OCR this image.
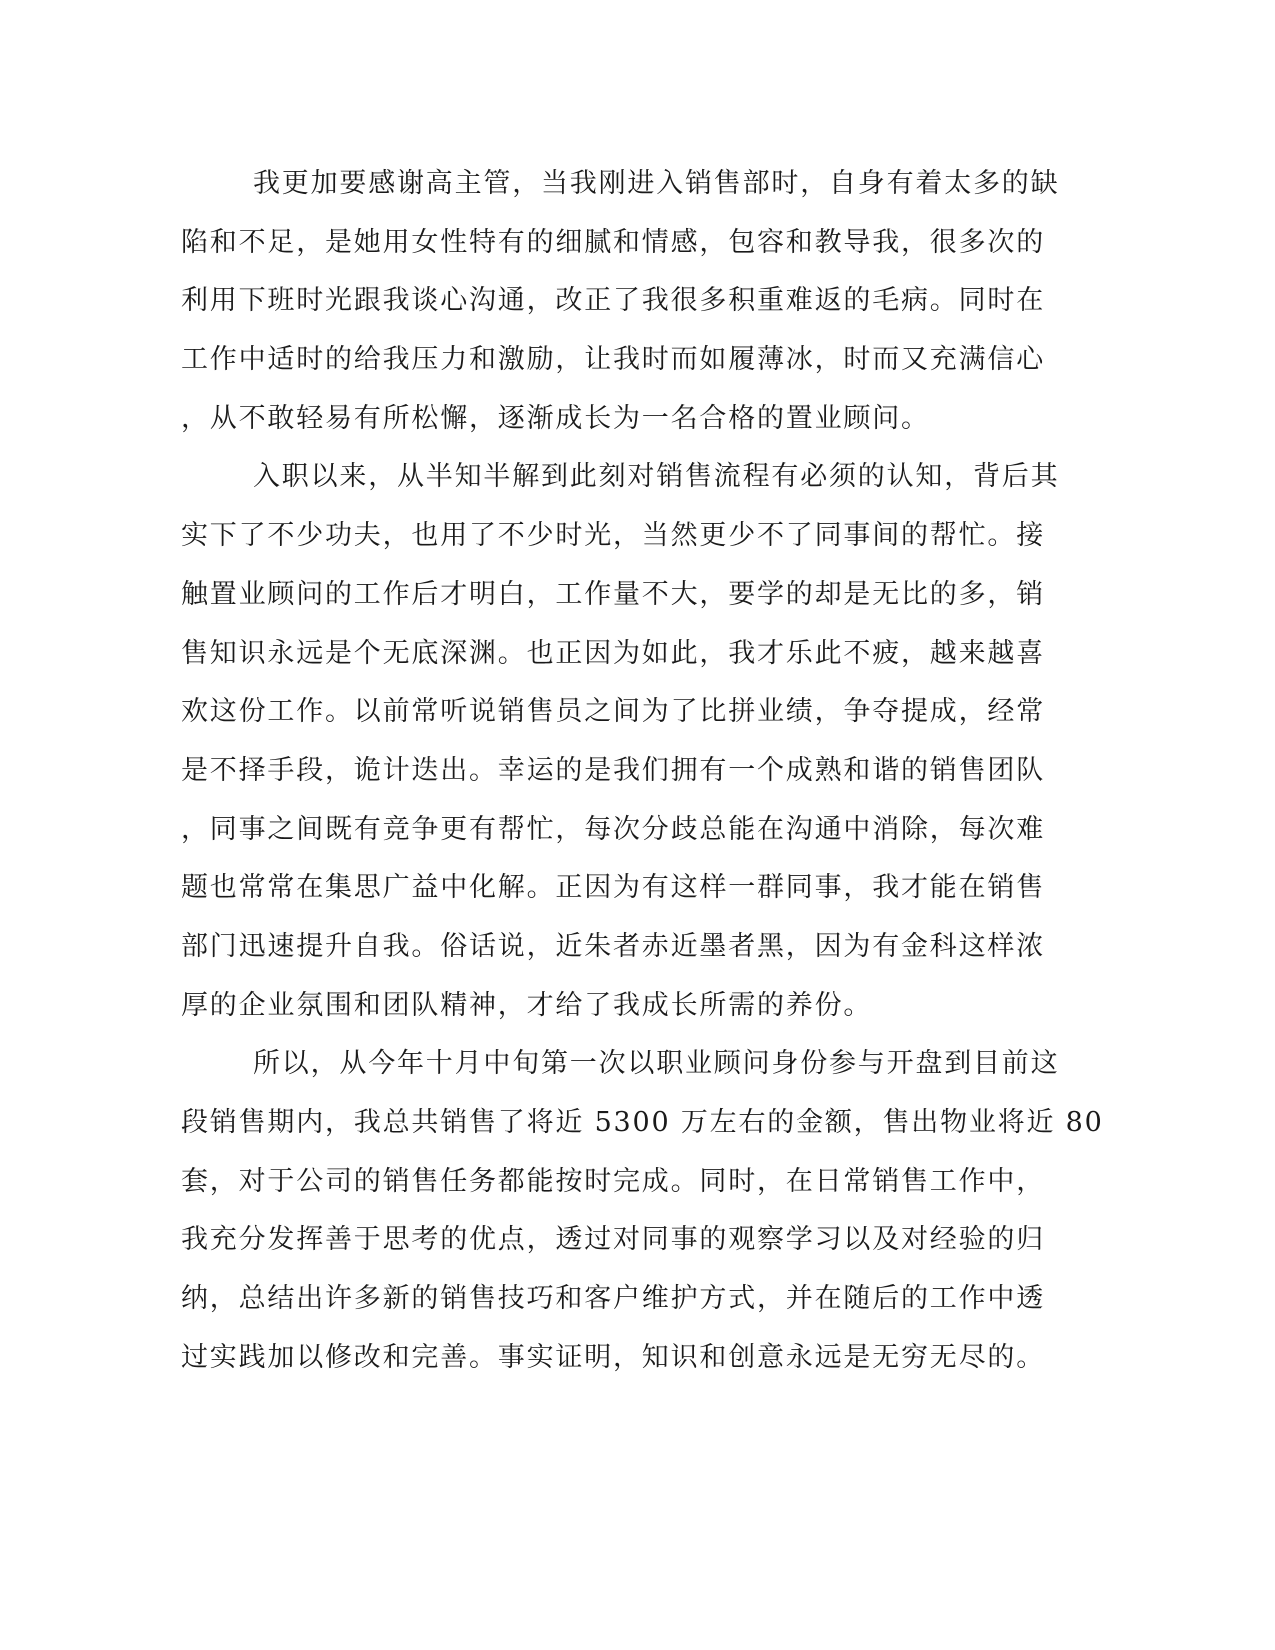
我更加要感谢高主管，当我刚进入销售部时，自身有着太多的缺
陷和不足，是她用女性特有的细腻和情感，包容和教导我，很多次的
利用下班时光跟我谈心沟通，改正了我很多积重难返的毛病。同时在
工作中适时的给我压力和激励，让我时而如履薄冰，时而又充满信心
，从不敢轻易有所松懈，逐渐成长为一名合格的置业顾问。
入职以来，从半知半解到此刻对销售流程有必须的认知，背后其
实下了不少功夫，也用了不少时光，当然更少不了同事间的帮忙。接
触置业顾问的工作后才明白，工作量不大，要学的却是无比的多，销
售知识永远是个无底深渊。也正因为如此，我才乐此不疲，越来越喜
欢这份工作。以前常听说销售员之间为了比拼业绩，争夺提成，经常
是不择手段，诡计迭出。幸运的是我们拥有一个成熟和谐的销售团队
，同事之间既有竞争更有帮忙，每次分歧总能在沟通中消除，每次难
题也常常在集思广益中化解。正因为有这样一群同事，我才能在销售
部门迅速提升自我。俗话说，近朱者赤近墨者黑，因为有金科这样浓
厚的企业氛围和团队精神，才给了我成长所需的养份。
所以，从今年十月中旬第一次以职业顾问身份参与开盘到目前这
段销售期内，我总共销售了将近 5300 万左右的金额，售出物业将近 80
套，对于公司的销售任务都能按时完成。同时，在日常销售工作中，
我充分发挥善于思考的优点，透过对同事的观察学习以及对经验的归
纳，总结出许多新的销售技巧和客户维护方式，并在随后的工作中透
过实践加以修改和完善。事实证明，知识和创意永远是无穷无尽的。
